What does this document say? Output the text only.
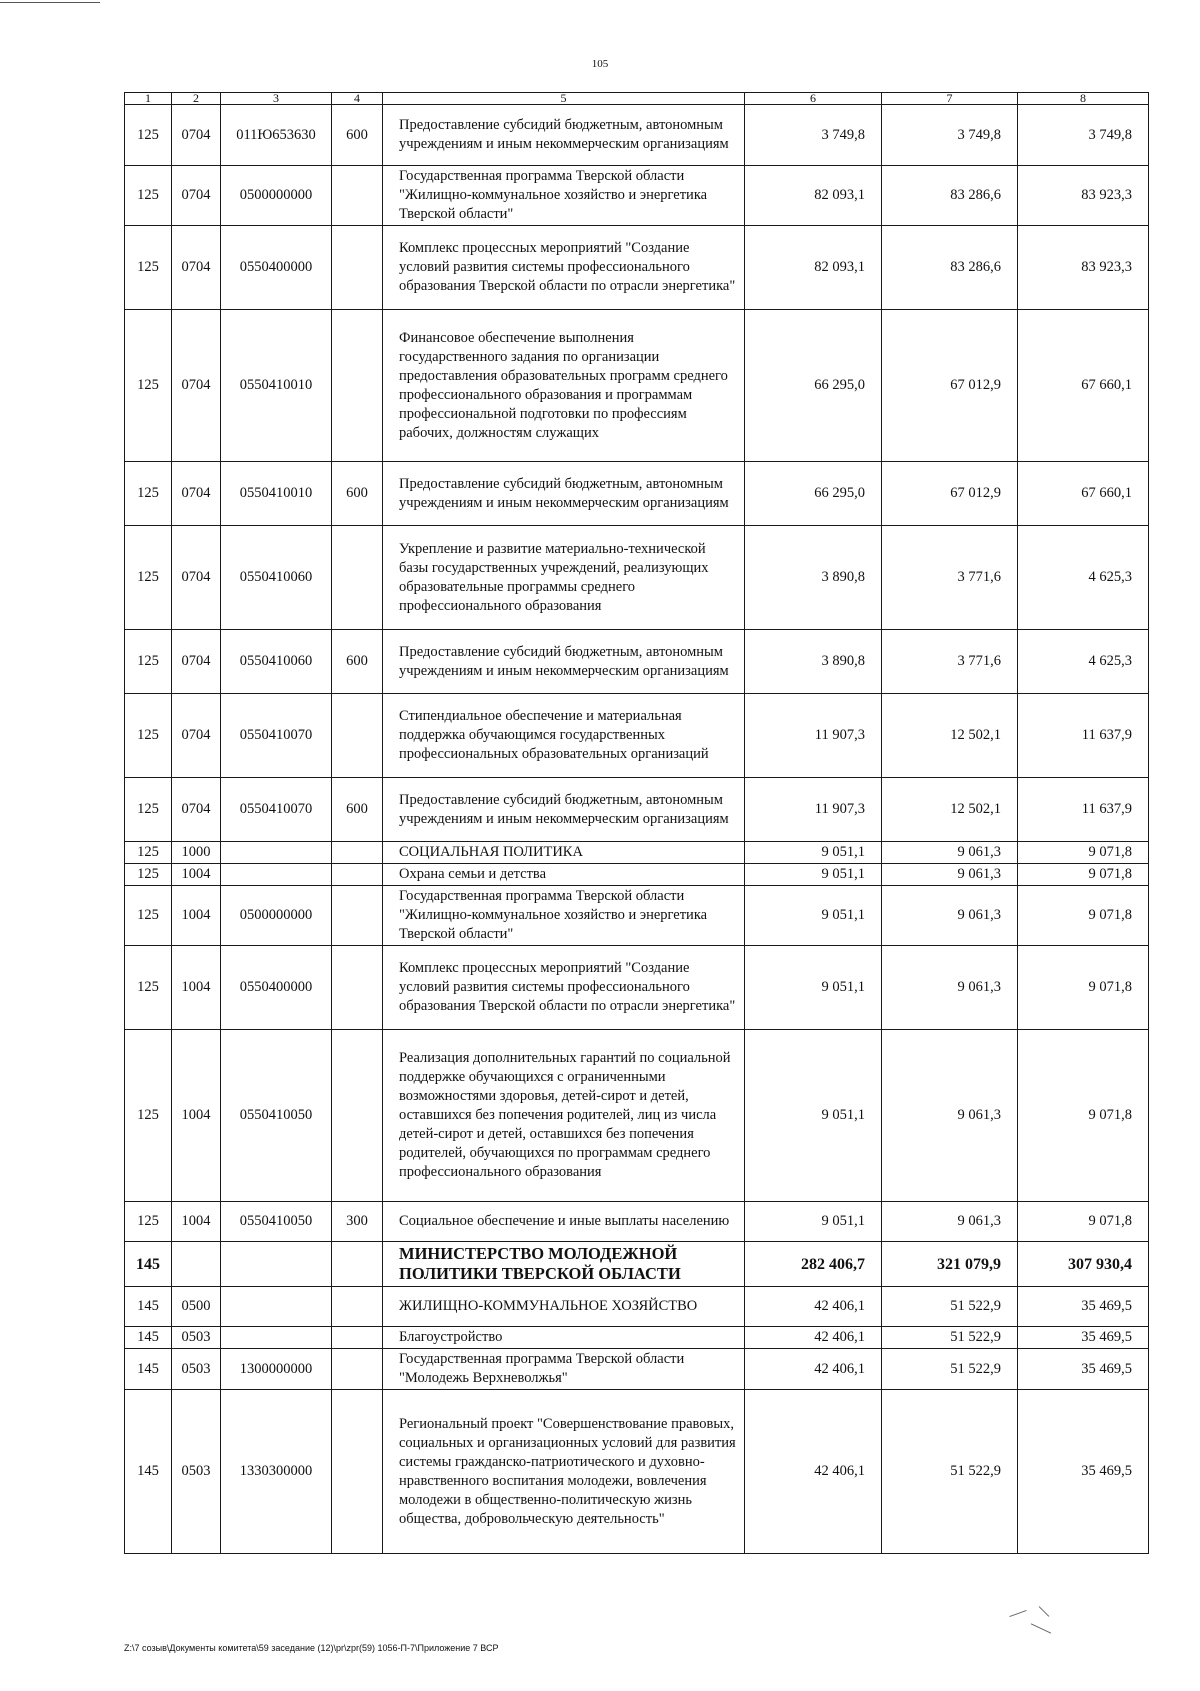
105
1	2	3	4	5	6	7	8
125	0704	011Ю653630	600	Предоставление субсидий бюджетным, автономным учреждениям и иным некоммерческим организациям	3 749,8	3 749,8	3 749,8
125	0704	0500000000		Государственная программа Тверской области "Жилищно-коммунальное хозяйство и энергетика Тверской области"	82 093,1	83 286,6	83 923,3
125	0704	0550400000		Комплекс процессных мероприятий "Создание условий развития системы профессионального образования Тверской области по отрасли энергетика"	82 093,1	83 286,6	83 923,3
125	0704	0550410010		Финансовое обеспечение выполнения государственного задания по организации предоставления образовательных программ среднего профессионального образования и программам профессиональной подготовки по профессиям рабочих, должностям служащих	66 295,0	67 012,9	67 660,1
125	0704	0550410010	600	Предоставление субсидий бюджетным, автономным учреждениям и иным некоммерческим организациям	66 295,0	67 012,9	67 660,1
125	0704	0550410060		Укрепление и развитие материально-технической базы государственных учреждений, реализующих образовательные программы среднего профессионального образования	3 890,8	3 771,6	4 625,3
125	0704	0550410060	600	Предоставление субсидий бюджетным, автономным учреждениям и иным некоммерческим организациям	3 890,8	3 771,6	4 625,3
125	0704	0550410070		Стипендиальное обеспечение и материальная поддержка обучающимся государственных профессиональных образовательных организаций	11 907,3	12 502,1	11 637,9
125	0704	0550410070	600	Предоставление субсидий бюджетным, автономным учреждениям и иным некоммерческим организациям	11 907,3	12 502,1	11 637,9
125	1000			СОЦИАЛЬНАЯ ПОЛИТИКА	9 051,1	9 061,3	9 071,8
125	1004			Охрана семьи и детства	9 051,1	9 061,3	9 071,8
125	1004	0500000000		Государственная программа Тверской области "Жилищно-коммунальное хозяйство и энергетика Тверской области"	9 051,1	9 061,3	9 071,8
125	1004	0550400000		Комплекс процессных мероприятий "Создание условий развития системы профессионального образования Тверской области по отрасли энергетика"	9 051,1	9 061,3	9 071,8
125	1004	0550410050		Реализация дополнительных гарантий по социальной поддержке обучающихся с ограниченными возможностями здоровья, детей-сирот и детей, оставшихся без попечения родителей, лиц из числа детей-сирот и детей, оставшихся без попечения родителей, обучающихся по программам среднего профессионального образования	9 051,1	9 061,3	9 071,8
125	1004	0550410050	300	Социальное обеспечение и иные выплаты населению	9 051,1	9 061,3	9 071,8
145				МИНИСТЕРСТВО МОЛОДЕЖНОЙ ПОЛИТИКИ ТВЕРСКОЙ ОБЛАСТИ	282 406,7	321 079,9	307 930,4
145	0500			ЖИЛИЩНО-КОММУНАЛЬНОЕ ХОЗЯЙСТВО	42 406,1	51 522,9	35 469,5
145	0503			Благоустройство	42 406,1	51 522,9	35 469,5
145	0503	1300000000		Государственная программа Тверской области "Молодежь Верхневолжья"	42 406,1	51 522,9	35 469,5
145	0503	1330300000		Региональный проект "Совершенствование правовых, социальных и организационных условий для развития системы гражданско-патриотического и духовно-нравственного воспитания молодежи, вовлечения молодежи в общественно-политическую жизнь общества, добровольческую деятельность"	42 406,1	51 522,9	35 469,5
Z:\7 созыв\Документы комитета\59 заседание (12)\pr\zpr(59) 1056-П-7\Приложение 7 ВСР
